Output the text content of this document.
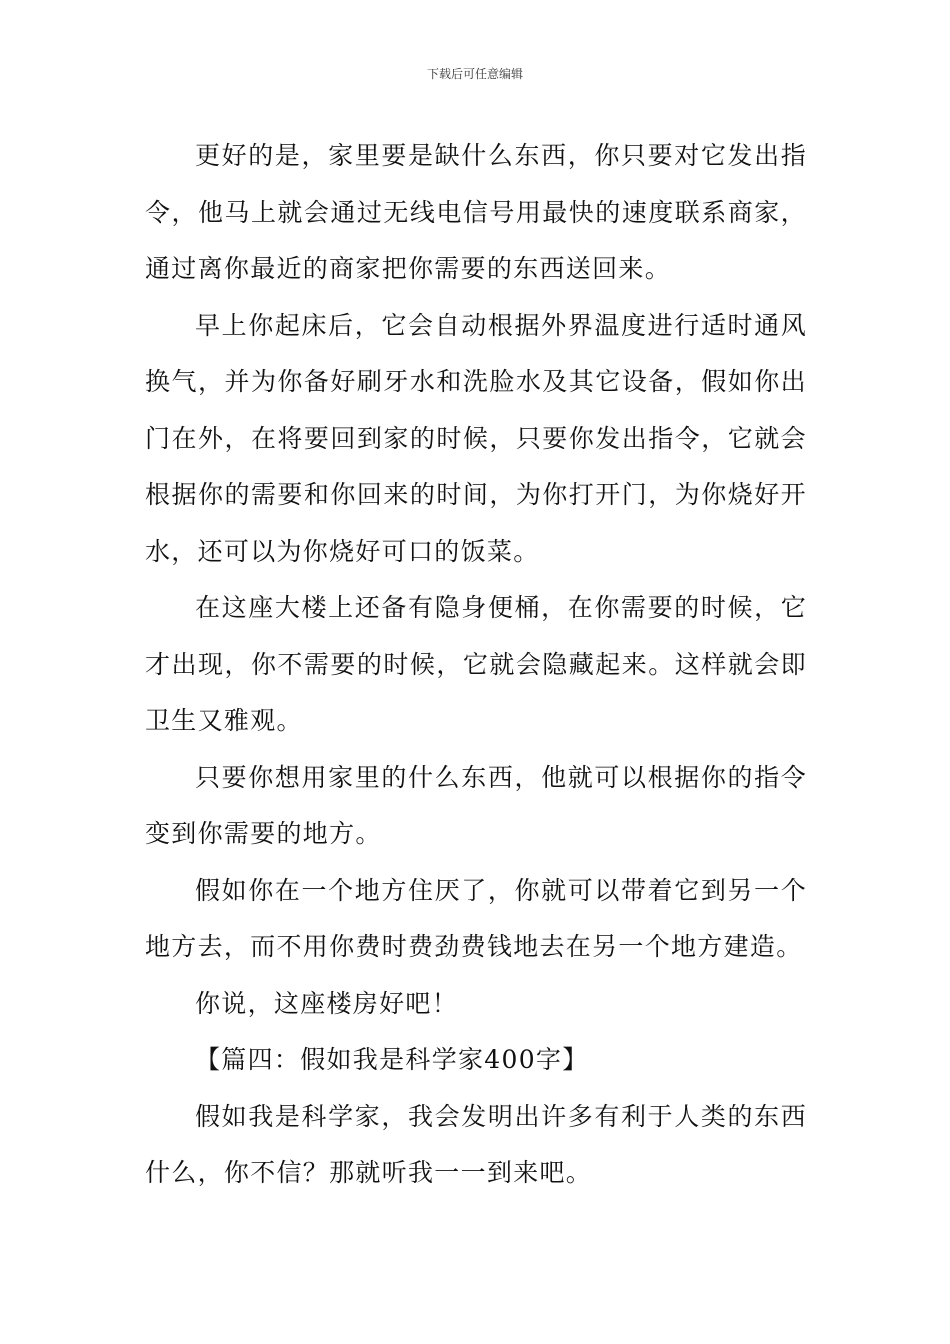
下载后可任意编辑

更好的是，家里要是缺什么东西，你只要对它发出指令，他马上就会通过无线电信号用最快的速度联系商家，通过离你最近的商家把你需要的东西送回来。

早上你起床后，它会自动根据外界温度进行适时通风换气，并为你备好刷牙水和洗脸水及其它设备，假如你出门在外，在将要回到家的时候，只要你发出指令，它就会根据你的需要和你回来的时间，为你打开门，为你烧好开水，还可以为你烧好可口的饭菜。

在这座大楼上还备有隐身便桶，在你需要的时候，它才出现，你不需要的时候，它就会隐藏起来。这样就会即卫生又雅观。

只要你想用家里的什么东西，他就可以根据你的指令变到你需要的地方。

假如你在一个地方住厌了，你就可以带着它到另一个地方去，而不用你费时费劲费钱地去在另一个地方建造。

你说，这座楼房好吧！

【篇四：假如我是科学家400字】

假如我是科学家，我会发明出许多有利于人类的东西什么，你不信？那就听我一一到来吧。
